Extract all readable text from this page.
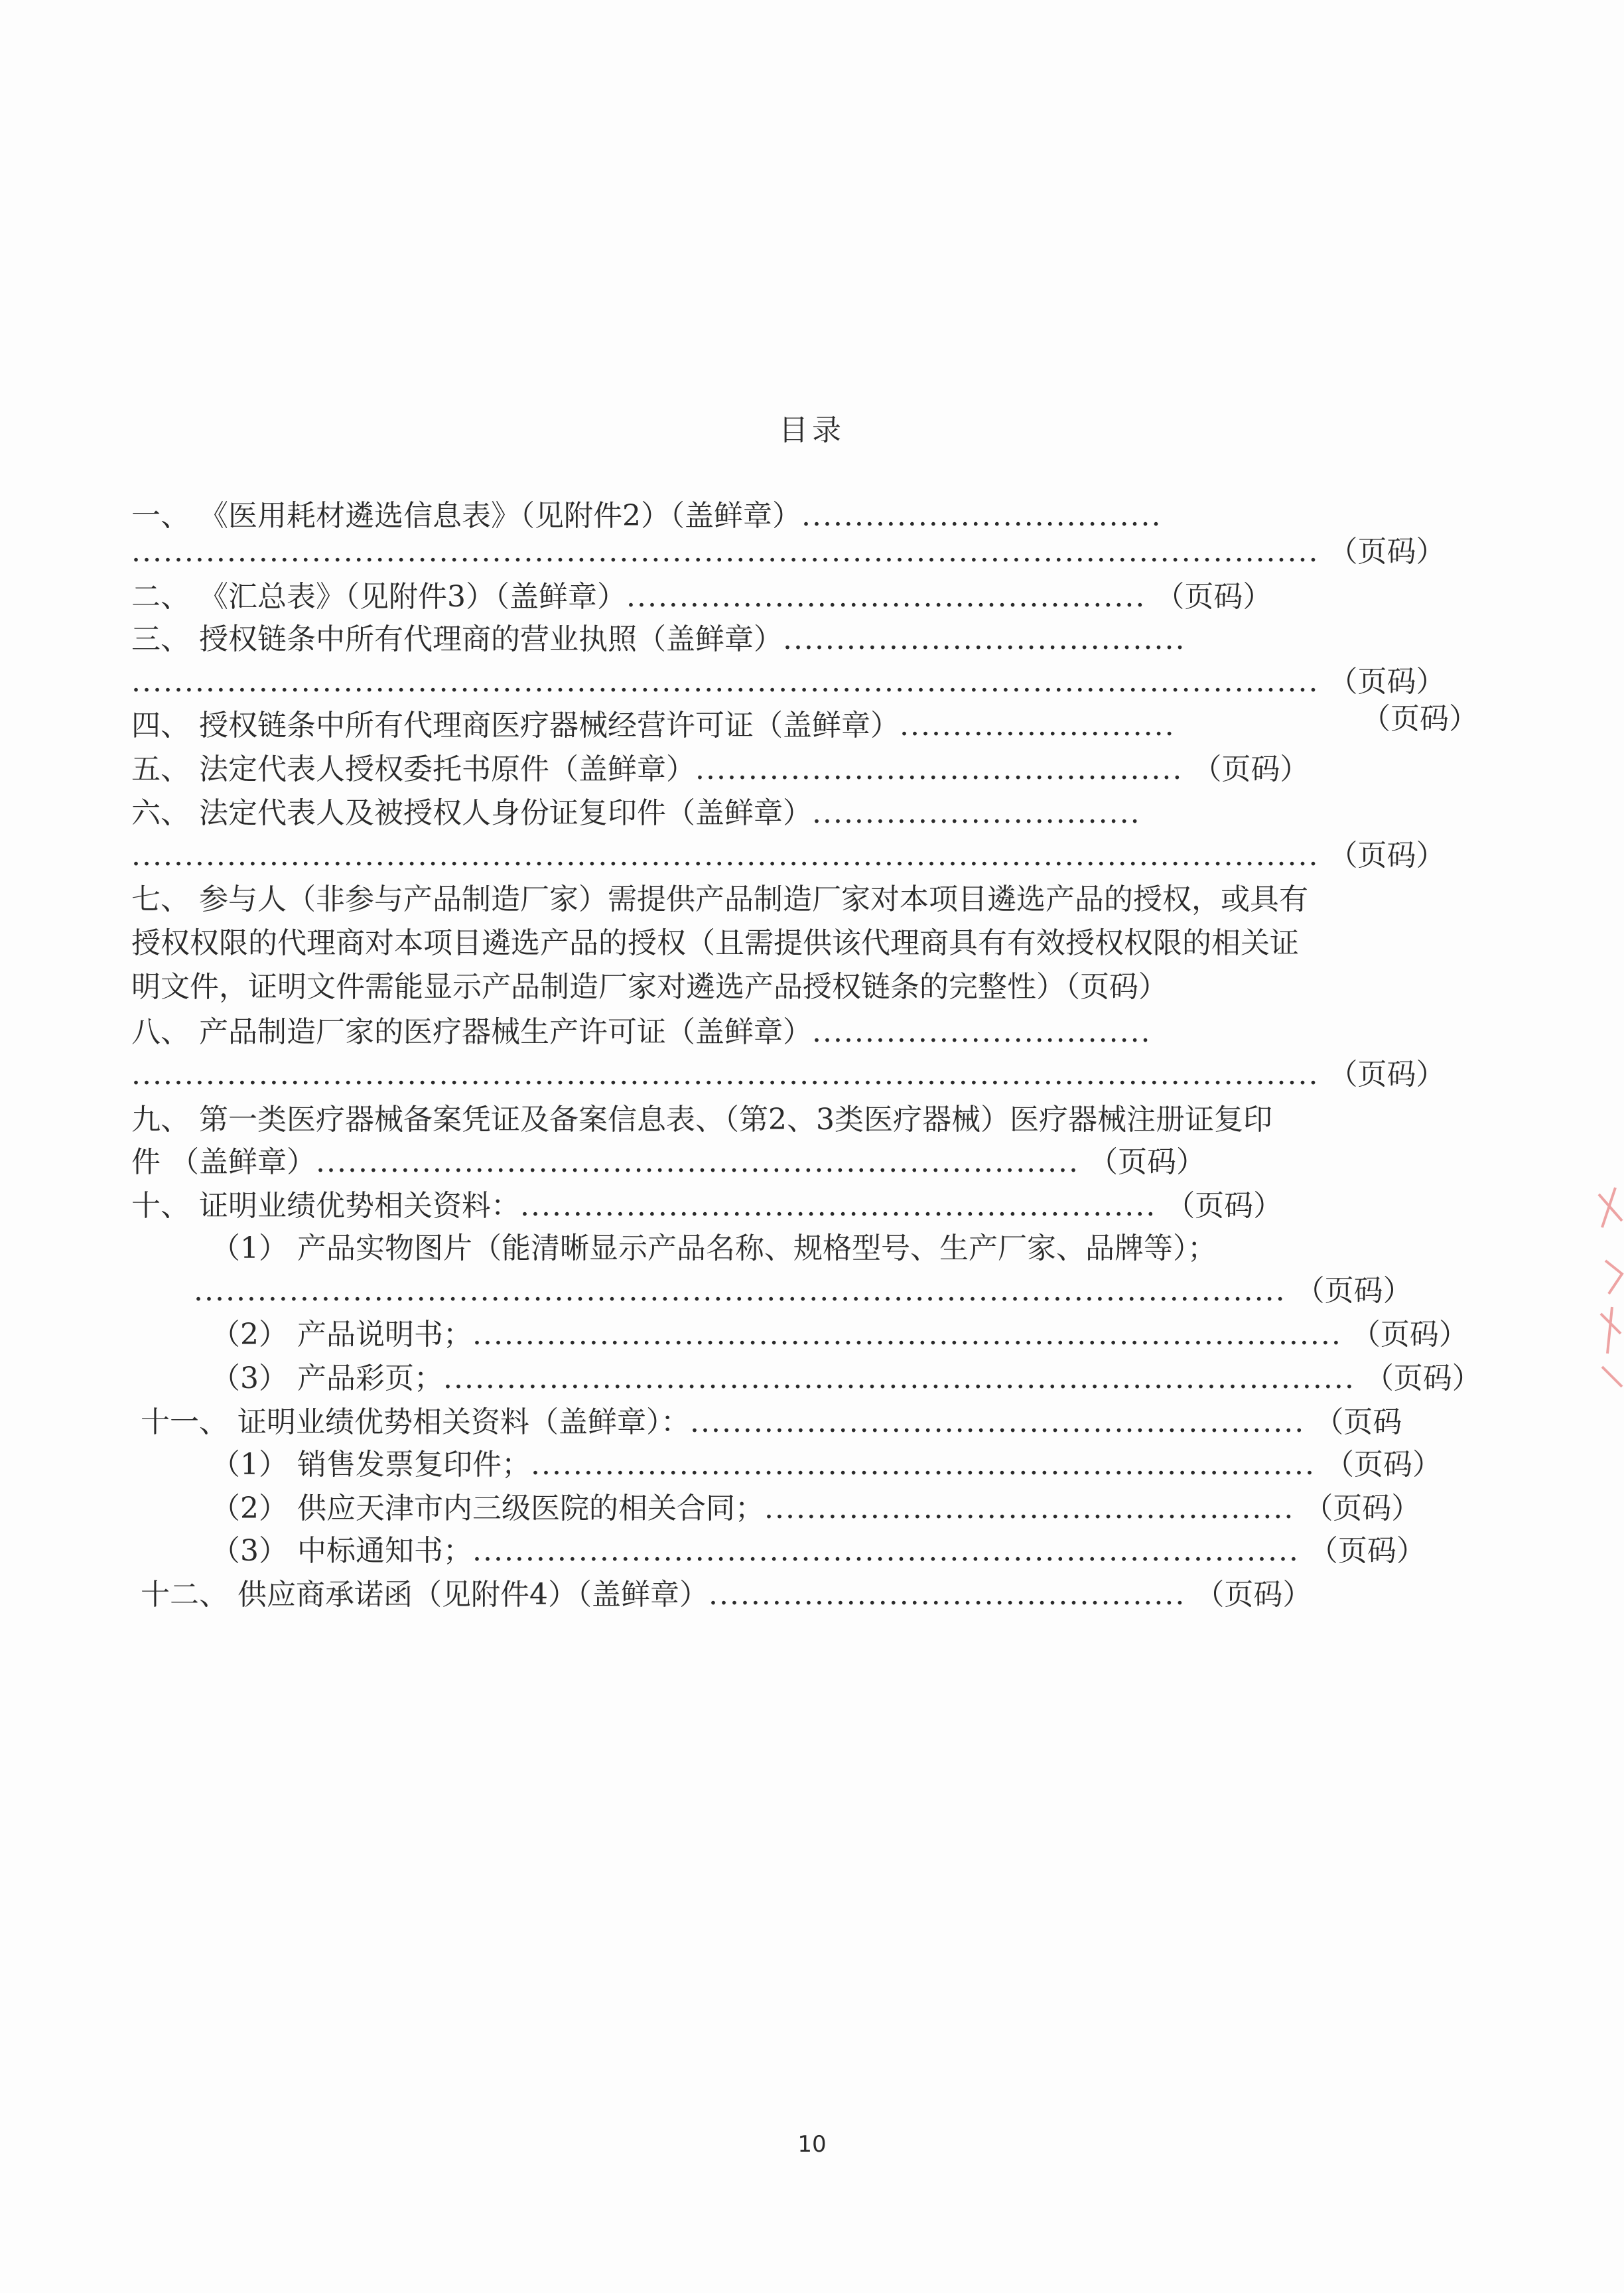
目录
一、 《医用耗材遴选信息表》（见附件2）（盖鲜章）..................................
................................................................................................................ （页码）
二、 《汇总表》（见附件3）（盖鲜章）................................................. （页码）
三、 授权链条中所有代理商的营业执照（盖鲜章）......................................
................................................................................................................ （页码）
四、 授权链条中所有代理商医疗器械经营许可证（盖鲜章）..........................	（页码）
五、 法定代表人授权委托书原件（盖鲜章）.............................................. （页码）
六、 法定代表人及被授权人身份证复印件（盖鲜章）...............................
................................................................................................................ （页码）
七、 参与人（非参与产品制造厂家）需提供产品制造厂家对本项目遴选产品的授权，或具有
授权权限的代理商对本项目遴选产品的授权（且需提供该代理商具有有效授权权限的相关证
明文件，证明文件需能显示产品制造厂家对遴选产品授权链条的完整性）（页码）
八、 产品制造厂家的医疗器械生产许可证（盖鲜章）................................
................................................................................................................ （页码）
九、 第一类医疗器械备案凭证及备案信息表、（第2、3类医疗器械）医疗器械注册证复印
件 （盖鲜章）........................................................................ （页码）
十、 证明业绩优势相关资料：............................................................ （页码）
（1） 产品实物图片（能清晰显示产品名称、规格型号、生产厂家、品牌等）；
....................................................................................................... （页码）
（2） 产品说明书；.................................................................................. （页码）
（3） 产品彩页；...................................................................................... （页码）
十一、 证明业绩优势相关资料（盖鲜章）：.......................................................... （页码
（1） 销售发票复印件；.......................................................................... （页码）
（2） 供应天津市内三级医院的相关合同；.................................................. （页码）
（3） 中标通知书；.............................................................................. （页码）
十二、 供应商承诺函（见附件4）（盖鲜章）............................................. （页码）
10
